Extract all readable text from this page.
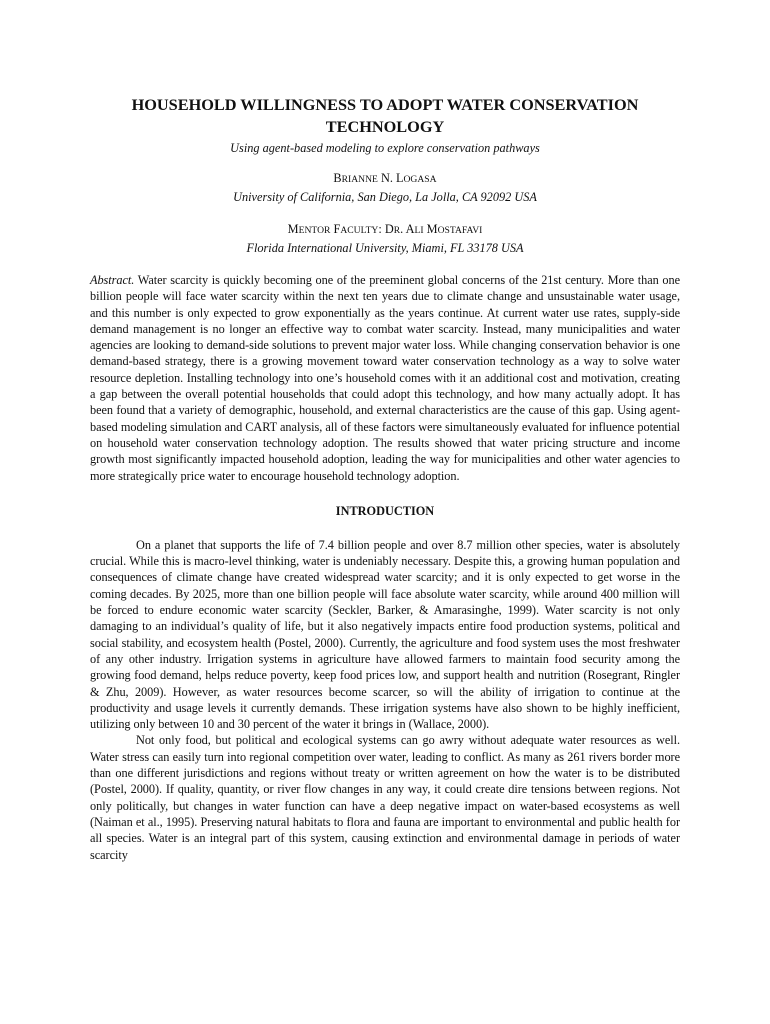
HOUSEHOLD WILLINGNESS TO ADOPT WATER CONSERVATION
TECHNOLOGY

Using agent-based modeling to explore conservation pathways

BRIANNE N. LOGASA

University of California, San Diego, La Jolla, CA 92092 USA

MENTOR FACULTY: DR. ALI MOSTAFAVI

Florida International University, Miami, FL 33178 USA

Abstract. Water scarcity is quickly becoming one of the preeminent global concerns of the 21st century. More than one billion people will face water scarcity within the next ten years due to climate change and unsustainable water usage, and this number is only expected to grow exponentially as the years continue. At current water use rates, supply-side demand management is no longer an effective way to combat water scarcity. Instead, many municipalities and water agencies are looking to demand-side solutions to prevent major water loss. While changing conservation behavior is one demand-based strategy, there is a growing movement toward water conservation technology as a way to solve water resource depletion. Installing technology into one’s household comes with it an additional cost and motivation, creating a gap between the overall potential households that could adopt this technology, and how many actually adopt. It has been found that a variety of demographic, household, and external characteristics are the cause of this gap. Using agent-based modeling simulation and CART analysis, all of these factors were simultaneously evaluated for influence potential on household water conservation technology adoption. The results showed that water pricing structure and income growth most significantly impacted household adoption, leading the way for municipalities and other water agencies to more strategically price water to encourage household technology adoption.

INTRODUCTION

On a planet that supports the life of 7.4 billion people and over 8.7 million other species, water is absolutely crucial. While this is macro-level thinking, water is undeniably necessary. Despite this, a growing human population and consequences of climate change have created widespread water scarcity; and it is only expected to get worse in the coming decades. By 2025, more than one billion people will face absolute water scarcity, while around 400 million will be forced to endure economic water scarcity (Seckler, Barker, & Amarasinghe, 1999). Water scarcity is not only damaging to an individual’s quality of life, but it also negatively impacts entire food production systems, political and social stability, and ecosystem health (Postel, 2000). Currently, the agriculture and food system uses the most freshwater of any other industry. Irrigation systems in agriculture have allowed farmers to maintain food security among the growing food demand, helps reduce poverty, keep food prices low, and support health and nutrition (Rosegrant, Ringler & Zhu, 2009). However, as water resources become scarcer, so will the ability of irrigation to continue at the productivity and usage levels it currently demands. These irrigation systems have also shown to be highly inefficient, utilizing only between 10 and 30 percent of the water it brings in (Wallace, 2000).

Not only food, but political and ecological systems can go awry without adequate water resources as well. Water stress can easily turn into regional competition over water, leading to conflict. As many as 261 rivers border more than one different jurisdictions and regions without treaty or written agreement on how the water is to be distributed (Postel, 2000). If quality, quantity, or river flow changes in any way, it could create dire tensions between regions. Not only politically, but changes in water function can have a deep negative impact on water-based ecosystems as well (Naiman et al., 1995). Preserving natural habitats to flora and fauna are important to environmental and public health for all species. Water is an integral part of this system, causing extinction and environmental damage in periods of water scarcity
